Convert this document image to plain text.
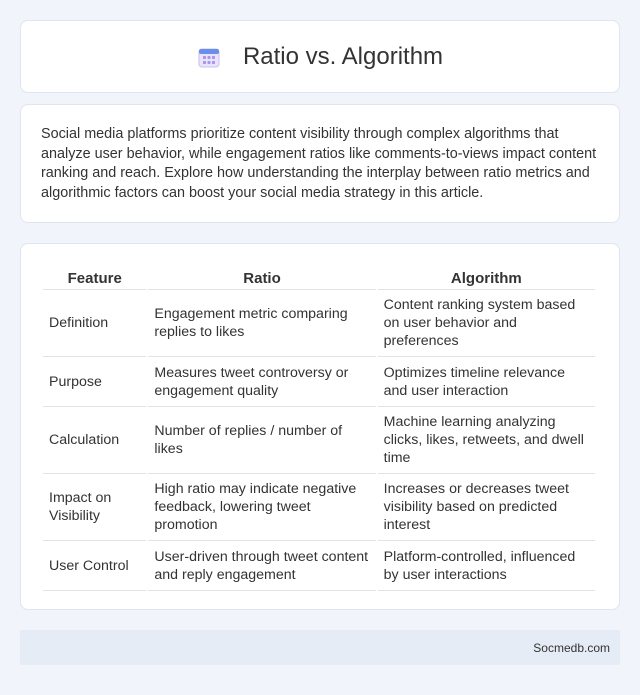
Ratio vs. Algorithm

Social media platforms prioritize content visibility through complex algorithms that analyze user behavior, while engagement ratios like comments-to-views impact content ranking and reach. Explore how understanding the interplay between ratio metrics and algorithmic factors can boost your social media strategy in this article.

Feature	Ratio	Algorithm
Definition	Engagement metric comparing replies to likes	Content ranking system based on user behavior and preferences
Purpose	Measures tweet controversy or engagement quality	Optimizes timeline relevance and user interaction
Calculation	Number of replies / number of likes	Machine learning analyzing clicks, likes, retweets, and dwell time
Impact on Visibility	High ratio may indicate negative feedback, lowering tweet promotion	Increases or decreases tweet visibility based on predicted interest
User Control	User-driven through tweet content and reply engagement	Platform-controlled, influenced by user interactions
Socmedb.com
